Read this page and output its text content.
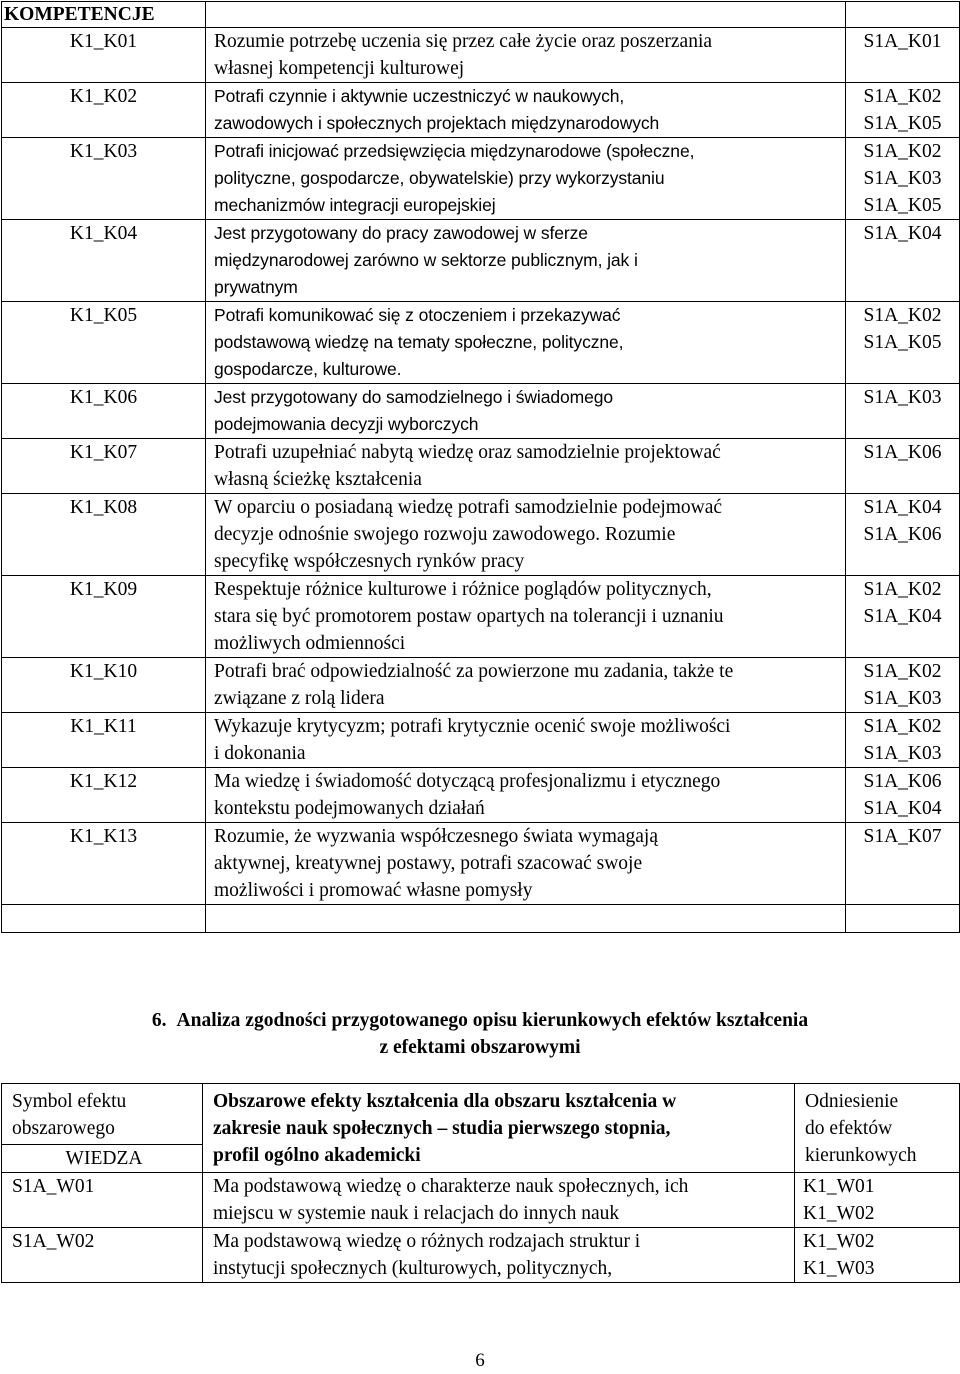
KOMPETENCJE		
K1_K01	Rozumie potrzebę uczenia się przez całe życie oraz poszerzania
własnej kompetencji kulturowej	S1A_K01
K1_K02	Potrafi czynnie i aktywnie uczestniczyć w naukowych,
zawodowych i społecznych projektach międzynarodowych	S1A_K02
S1A_K05
K1_K03	Potrafi inicjować przedsięwzięcia międzynarodowe (społeczne,
polityczne, gospodarcze, obywatelskie) przy wykorzystaniu
mechanizmów integracji europejskiej	S1A_K02
S1A_K03
S1A_K05
K1_K04	Jest przygotowany do pracy zawodowej w sferze
międzynarodowej zarówno w sektorze publicznym, jak i
prywatnym	S1A_K04
K1_K05	Potrafi komunikować się z otoczeniem i przekazywać
podstawową wiedzę na tematy społeczne, polityczne,
gospodarcze, kulturowe.	S1A_K02
S1A_K05
K1_K06	Jest przygotowany do samodzielnego i świadomego
podejmowania decyzji wyborczych	S1A_K03
K1_K07	Potrafi uzupełniać nabytą wiedzę oraz samodzielnie projektować
własną ścieżkę kształcenia	S1A_K06
K1_K08	W oparciu o posiadaną wiedzę potrafi samodzielnie podejmować
decyzje odnośnie swojego rozwoju zawodowego. Rozumie
specyfikę współczesnych rynków pracy	S1A_K04
S1A_K06
K1_K09	Respektuje różnice kulturowe i różnice poglądów politycznych,
stara się być promotorem postaw opartych na tolerancji i uznaniu
możliwych odmienności	S1A_K02
S1A_K04
K1_K10	Potrafi brać odpowiedzialność za powierzone mu zadania, także te
związane z rolą lidera	S1A_K02
S1A_K03
K1_K11	Wykazuje krytycyzm; potrafi krytycznie ocenić swoje możliwości
i dokonania	S1A_K02
S1A_K03
K1_K12	Ma wiedzę i świadomość dotyczącą profesjonalizmu i etycznego
kontekstu podejmowanych działań	S1A_K06
S1A_K04
K1_K13	Rozumie, że wyzwania współczesnego świata wymagają
aktywnej, kreatywnej postawy, potrafi szacować swoje
możliwości i promować własne pomysły	S1A_K07

6. Analiza zgodności przygotowanego opisu kierunkowych efektów kształcenia
z efektami obszarowymi
Symbol efektu
obszarowego	Obszarowe efekty kształcenia dla obszaru kształcenia w
zakresie nauk społecznych – studia pierwszego stopnia,
profil ogólno akademicki	Odniesienie
do efektów
kierunkowych
WIEDZA		
S1A_W01	Ma podstawową wiedzę o charakterze nauk społecznych, ich
miejscu w systemie nauk i relacjach do innych nauk	K1_W01
K1_W02
S1A_W02	Ma podstawową wiedzę o różnych rodzajach struktur i
instytucji społecznych (kulturowych, politycznych,	K1_W02
K1_W03
6
